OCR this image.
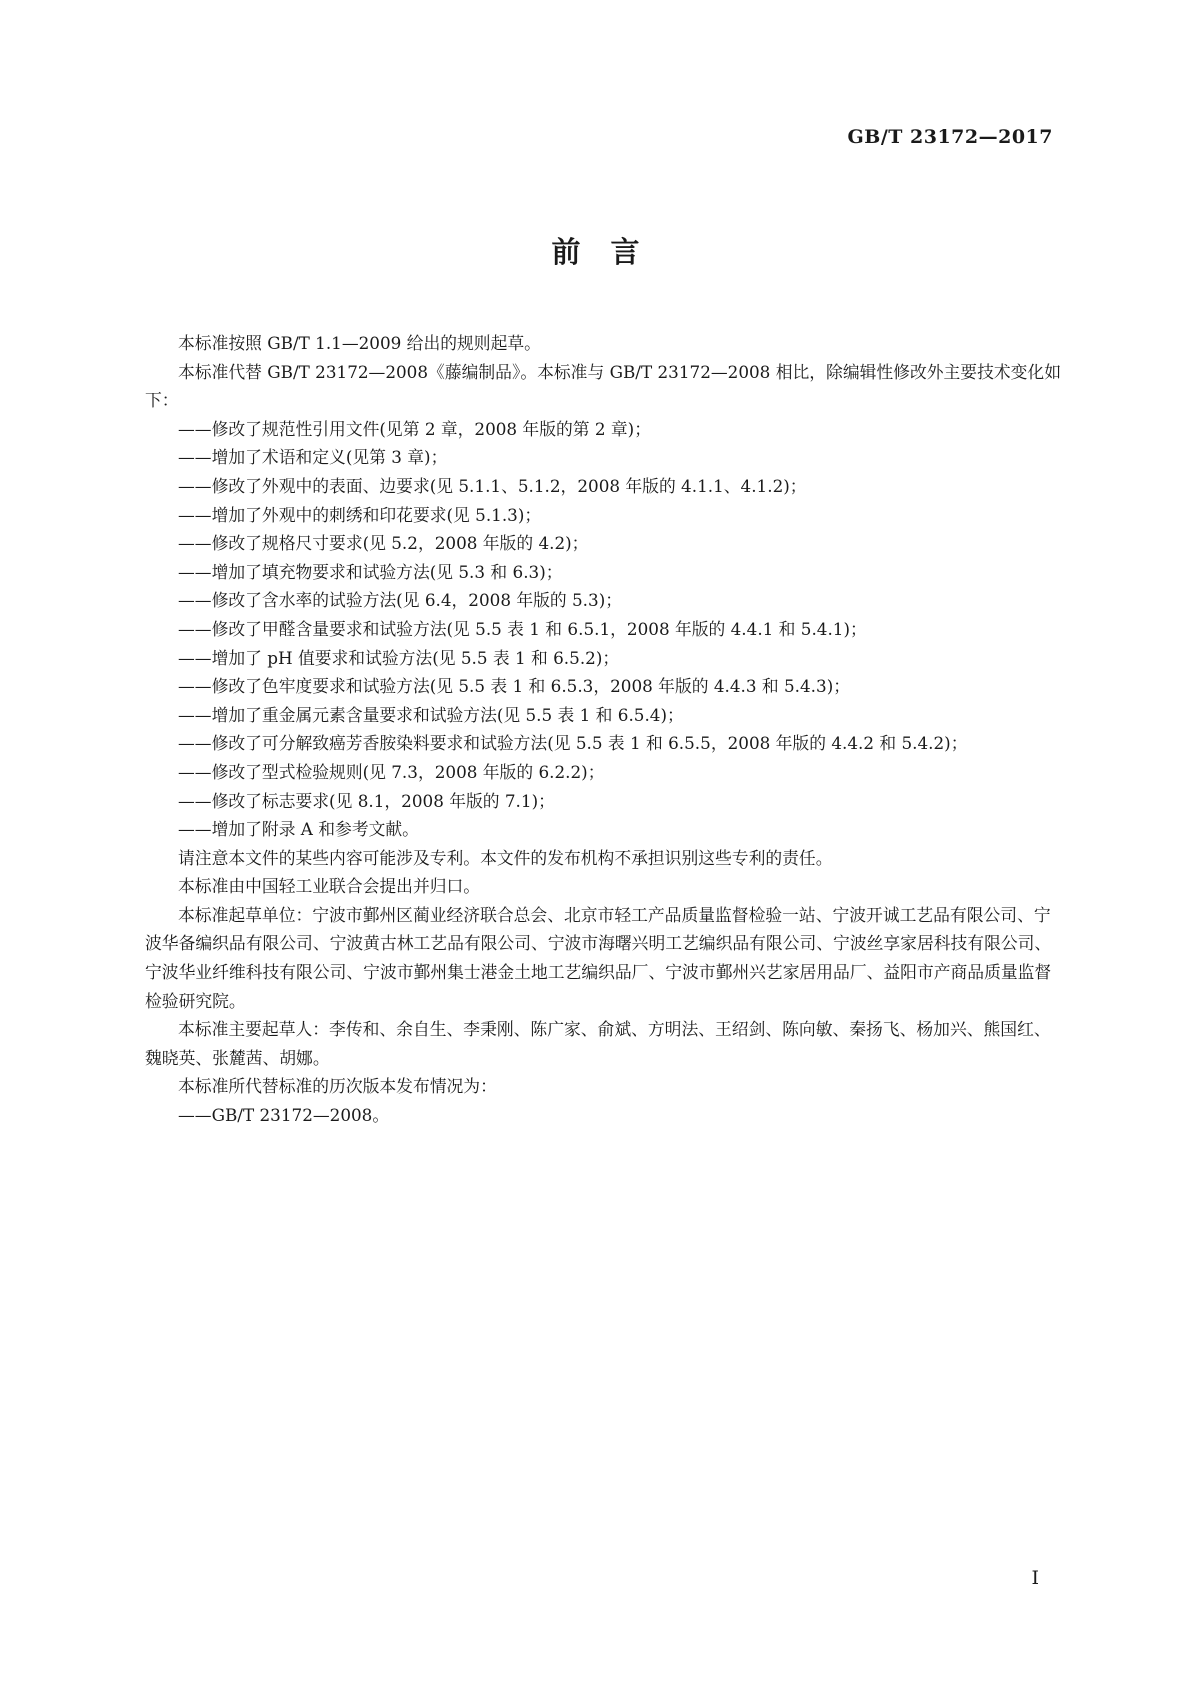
GB/T 23172—2017
前言

本标准按照 GB/T 1.1—2009 给出的规则起草。

本标准代替 GB/T 23172—2008《藤编制品》。本标准与 GB/T 23172—2008 相比，除编辑性修改外主要技术变化如下：

——修改了规范性引用文件(见第 2 章，2008 年版的第 2 章)；

——增加了术语和定义(见第 3 章)；

——修改了外观中的表面、边要求(见 5.1.1、5.1.2，2008 年版的 4.1.1、4.1.2)；

——增加了外观中的刺绣和印花要求(见 5.1.3)；

——修改了规格尺寸要求(见 5.2，2008 年版的 4.2)；

——增加了填充物要求和试验方法(见 5.3 和 6.3)；

——修改了含水率的试验方法(见 6.4，2008 年版的 5.3)；

——修改了甲醛含量要求和试验方法(见 5.5 表 1 和 6.5.1，2008 年版的 4.4.1 和 5.4.1)；

——增加了 pH 值要求和试验方法(见 5.5 表 1 和 6.5.2)；

——修改了色牢度要求和试验方法(见 5.5 表 1 和 6.5.3，2008 年版的 4.4.3 和 5.4.3)；

——增加了重金属元素含量要求和试验方法(见 5.5 表 1 和 6.5.4)；

——修改了可分解致癌芳香胺染料要求和试验方法(见 5.5 表 1 和 6.5.5，2008 年版的 4.4.2 和 5.4.2)；

——修改了型式检验规则(见 7.3，2008 年版的 6.2.2)；

——修改了标志要求(见 8.1，2008 年版的 7.1)；

——增加了附录 A 和参考文献。

请注意本文件的某些内容可能涉及专利。本文件的发布机构不承担识别这些专利的责任。

本标准由中国轻工业联合会提出并归口。

本标准起草单位：宁波市鄞州区蔺业经济联合总会、北京市轻工产品质量监督检验一站、宁波开诚工艺品有限公司、宁波华备编织品有限公司、宁波黄古林工艺品有限公司、宁波市海曙兴明工艺编织品有限公司、宁波丝享家居科技有限公司、宁波华业纤维科技有限公司、宁波市鄞州集士港金土地工艺编织品厂、宁波市鄞州兴艺家居用品厂、益阳市产商品质量监督检验研究院。

本标准主要起草人：李传和、余自生、李秉刚、陈广家、俞斌、方明法、王绍剑、陈向敏、秦扬飞、杨加兴、熊国红、魏晓英、张麓茜、胡娜。

本标准所代替标准的历次版本发布情况为：

——GB/T 23172—2008。

I
